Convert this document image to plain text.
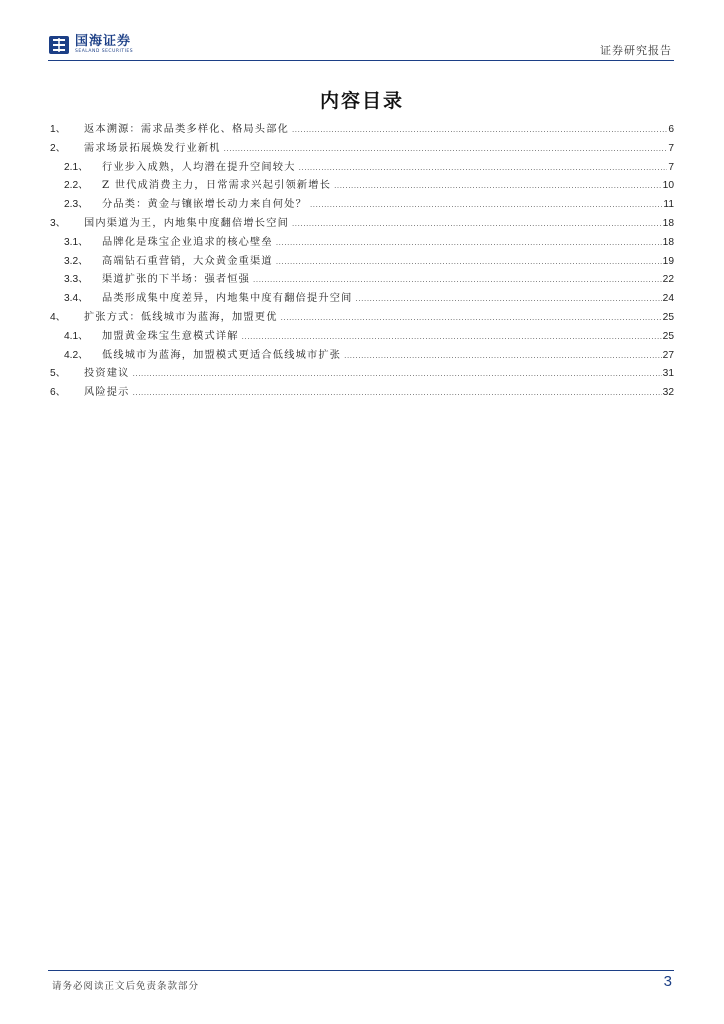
国海证券
SEALAND SECURITIES	证券研究报告
内容目录
1、	返本溯源：需求品类多样化、格局头部化 .....	6
2、	需求场景拓展焕发行业新机 .....	7
2.1、	行业步入成熟，人均潜在提升空间较大 .....	7
2.2、	Z 世代成消费主力，日常需求兴起引领新增长 .....	10
2.3、	分品类：黄金与镶嵌增长动力来自何处？ .....	11
3、	国内渠道为王，内地集中度翻倍增长空间 .....	18
3.1、	品牌化是珠宝企业追求的核心壁垒 .....	18
3.2、	高端钻石重营销，大众黄金重渠道 .....	19
3.3、	渠道扩张的下半场：强者恒强 .....	22
3.4、	品类形成集中度差异，内地集中度有翻倍提升空间 .....	24
4、	扩张方式：低线城市为蓝海，加盟更优 .....	25
4.1、	加盟黄金珠宝生意模式详解 .....	25
4.2、	低线城市为蓝海，加盟模式更适合低线城市扩张 .....	27
5、	投资建议 .....	31
6、	风险提示 .....	32
请务必阅读正文后免责条款部分	3
